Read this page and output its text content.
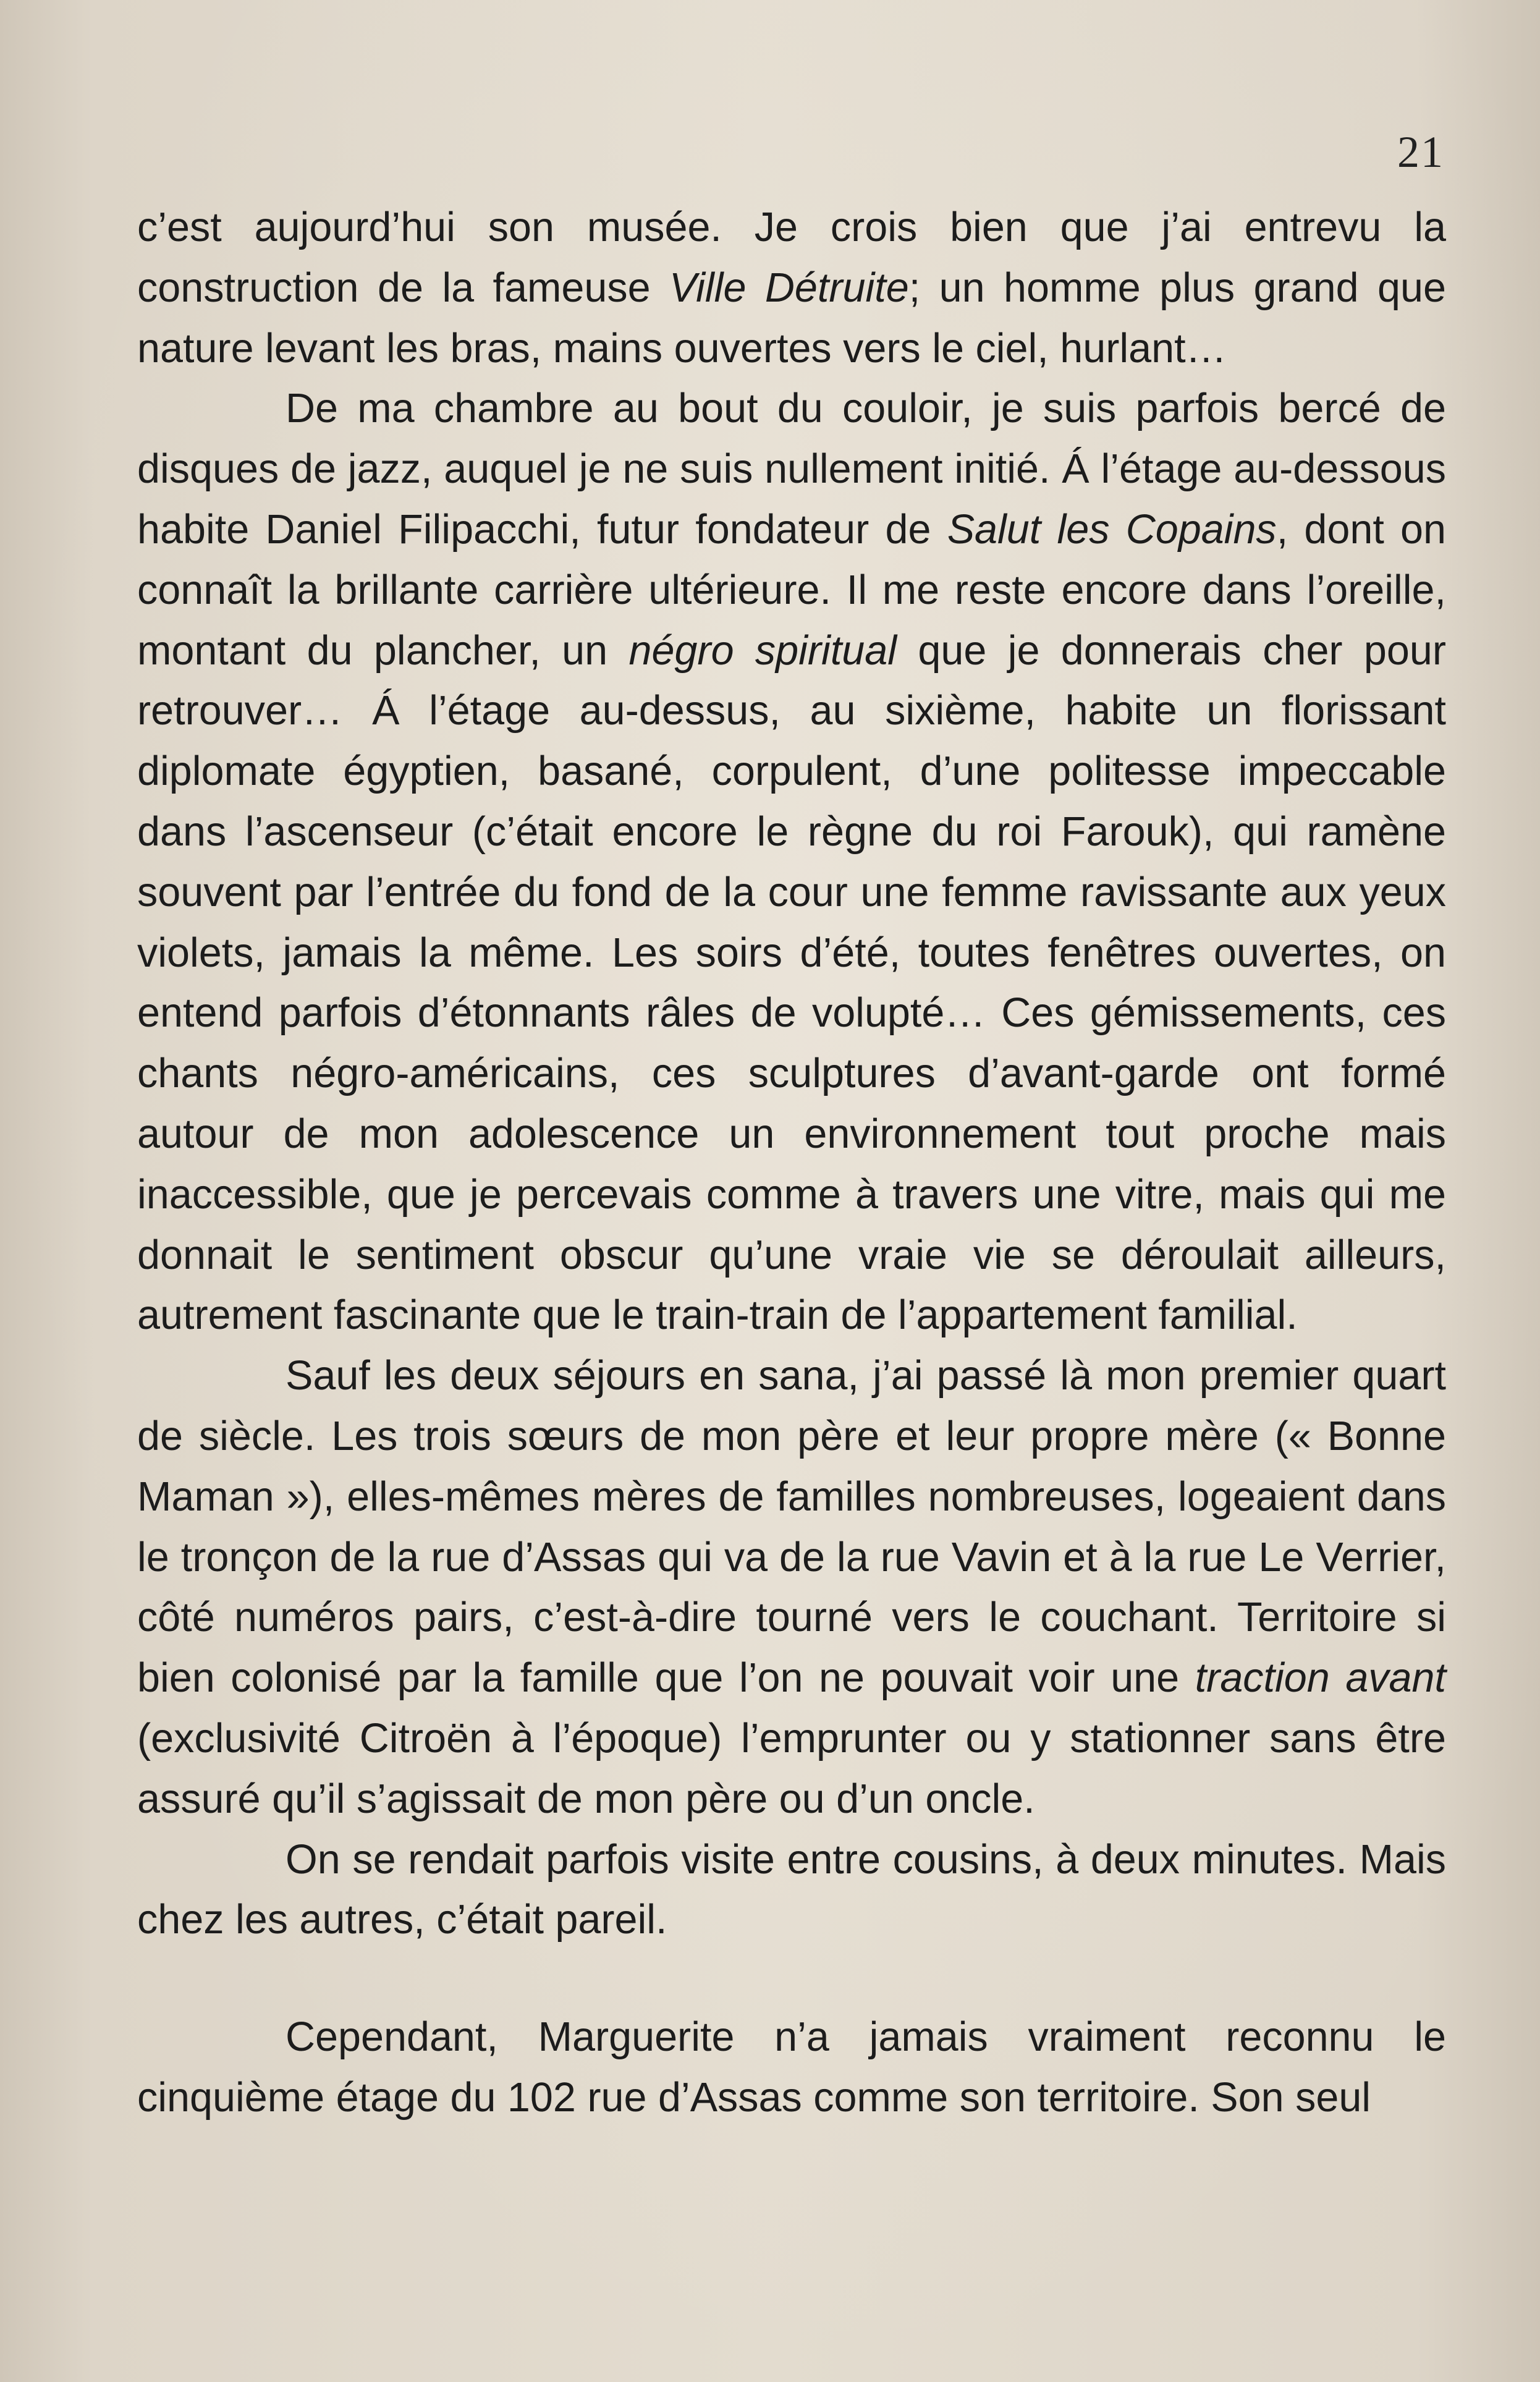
21

c’est aujourd’hui son musée. Je crois bien que j’ai entrevu la construction de la fameuse Ville Détruite; un homme plus grand que nature levant les bras, mains ouvertes vers le ciel, hurlant…

De ma chambre au bout du couloir, je suis parfois bercé de disques de jazz, auquel je ne suis nullement initié. Á l’étage au-dessous habite Daniel Filipacchi, futur fondateur de Salut les Copains, dont on connaît la brillante carrière ultérieure. Il me reste encore dans l’oreille, montant du plancher, un négro spiritual que je donnerais cher pour retrouver… Á l’étage au-dessus, au sixième, habite un florissant diplomate égyptien, basané, corpulent, d’une politesse impeccable dans l’ascenseur (c’était encore le règne du roi Farouk), qui ramène souvent par l’entrée du fond de la cour une femme ravissante aux yeux violets, jamais la même. Les soirs d’été, toutes fenêtres ouvertes, on entend parfois d’étonnants râles de volupté… Ces gémissements, ces chants négro-américains, ces sculptures d’avant-garde ont formé autour de mon adolescence un environnement tout proche mais inaccessible, que je percevais comme à travers une vitre, mais qui me donnait le sentiment obscur qu’une vraie vie se déroulait ailleurs, autrement fascinante que le train-train de l’appartement familial.

Sauf les deux séjours en sana, j’ai passé là mon premier quart de siècle. Les trois sœurs de mon père et leur propre mère (« Bonne Maman »), elles-mêmes mères de familles nombreuses, logeaient dans le tronçon de la rue d’Assas qui va de la rue Vavin et à la rue Le Verrier, côté numéros pairs, c’est-à-dire tourné vers le couchant. Territoire si bien colonisé par la famille que l’on ne pouvait voir une traction avant (exclusivité Citroën à l’époque) l’emprunter ou y stationner sans être assuré qu’il s’agissait de mon père ou d’un oncle.

On se rendait parfois visite entre cousins, à deux minutes. Mais chez les autres, c’était pareil.

Cependant, Marguerite n’a jamais vraiment reconnu le cinquième étage du 102 rue d’Assas comme son territoire. Son seul
